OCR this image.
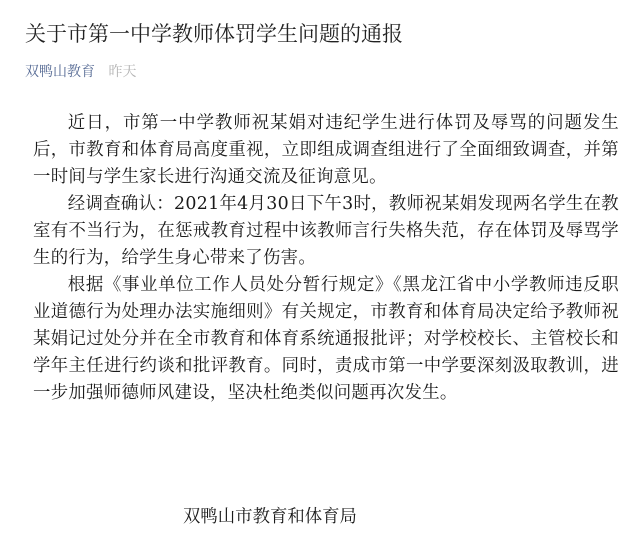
关于市第一中学教师体罚学生问题的通报
双鸭山教育 昨天

近日，市第一中学教师祝某娟对违纪学生进行体罚及辱骂的问题发生后，市教育和体育局高度重视，立即组成调查组进行了全面细致调查，并第一时间与学生家长进行沟通交流及征询意见。

经调查确认：2021年4月30日下午3时，教师祝某娟发现两名学生在教室有不当行为，在惩戒教育过程中该教师言行失格失范，存在体罚及辱骂学生的行为，给学生身心带来了伤害。

根据《事业单位工作人员处分暂行规定》《黑龙江省中小学教师违反职业道德行为处理办法实施细则》有关规定，市教育和体育局决定给予教师祝某娟记过处分并在全市教育和体育系统通报批评；对学校校长、主管校长和学年主任进行约谈和批评教育。同时，责成市第一中学要深刻汲取教训，进一步加强师德师风建设，坚决杜绝类似问题再次发生。

双鸭山市教育和体育局
